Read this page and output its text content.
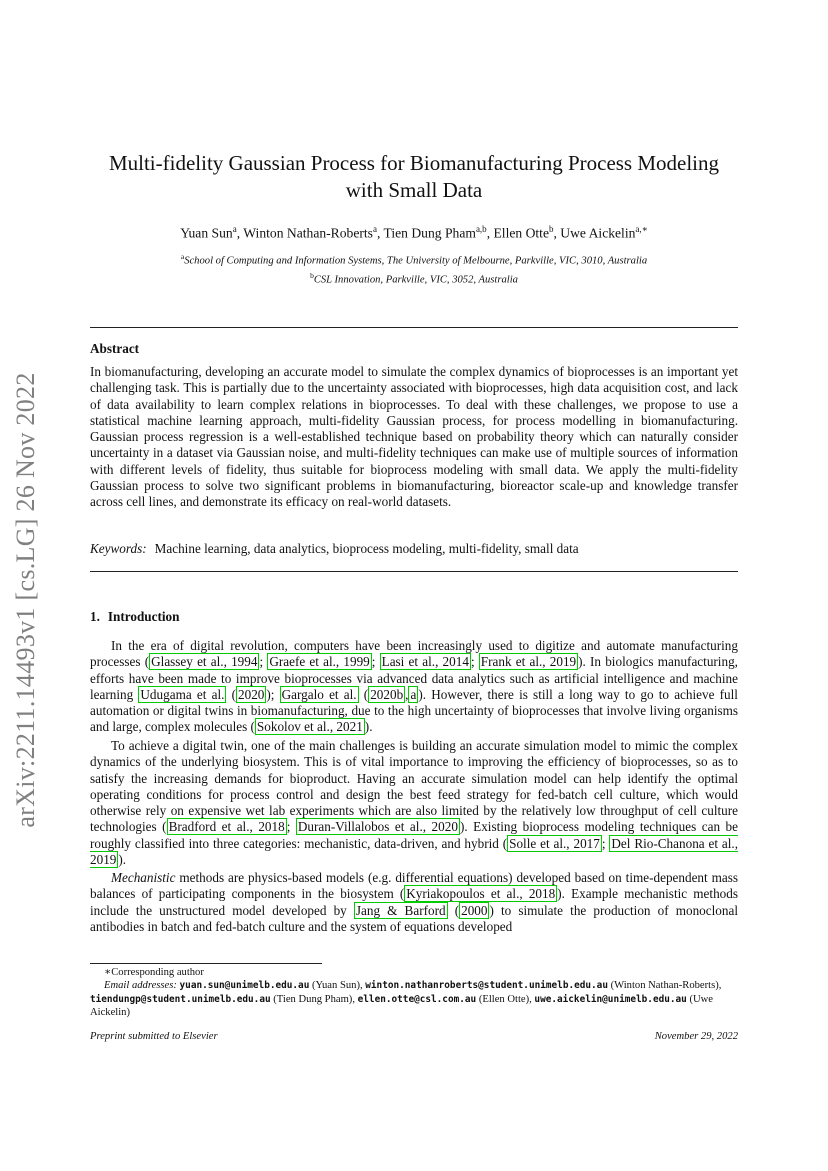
arXiv:2211.14493v1 [cs.LG] 26 Nov 2022
Multi-fidelity Gaussian Process for Biomanufacturing Process Modeling
with Small Data
Yuan Sun$^a$, Winton Nathan-Roberts$^a$, Tien Dung Pham$^{a,b}$, Ellen Otte$^b$, Uwe Aickelin$^{a,∗}$
$^a$School of Computing and Information Systems, The University of Melbourne, Parkville, VIC, 3010, Australia
$^b$CSL Innovation, Parkville, VIC, 3052, Australia
Abstract
In biomanufacturing, developing an accurate model to simulate the complex dynamics of bioprocesses is an important yet challenging task. This is partially due to the uncertainty associated with bioprocesses, high data acquisition cost, and lack of data availability to learn complex relations in bioprocesses. To deal with these challenges, we propose to use a statistical machine learning approach, multi-fidelity Gaussian process, for process modelling in biomanufacturing. Gaussian process regression is a well-established technique based on probability theory which can naturally consider uncertainty in a dataset via Gaussian noise, and multi-fidelity techniques can make use of multiple sources of information with different levels of fidelity, thus suitable for bioprocess modeling with small data. We apply the multi-fidelity Gaussian process to solve two significant problems in biomanufacturing, bioreactor scale-up and knowledge transfer across cell lines, and demonstrate its efficacy on real-world datasets.
Keywords: Machine learning, data analytics, bioprocess modeling, multi-fidelity, small data
1. Introduction
In the era of digital revolution, computers have been increasingly used to digitize and automate manufacturing processes ( Glassey et al., 1994 ; Graefe et al., 1999 ; Lasi et al., 2014 ; Frank et al., 2019 ). In biologics manufacturing, efforts have been made to improve bioprocesses via advanced data analytics such as artificial intelligence and machine learning Udugama et al. ( 2020 ); Gargalo et al. ( 2020b , a ). However, there is still a long way to go to achieve full automation or digital twins in biomanufacturing, due to the high uncertainty of bioprocesses that involve living organisms and large, complex molecules ( Sokolov et al., 2021 ).
To achieve a digital twin, one of the main challenges is building an accurate simulation model to mimic the complex dynamics of the underlying biosystem. This is of vital importance to improving the efficiency of bioprocesses, so as to satisfy the increasing demands for bioproduct. Having an accurate simulation model can help identify the optimal operating conditions for process control and design the best feed strategy for fed-batch cell culture, which would otherwise rely on expensive wet lab experiments which are also limited by the relatively low throughput of cell culture technologies ( Bradford et al., 2018 ; Duran-Villalobos et al., 2020 ). Existing bioprocess modeling techniques can be roughly classified into three categories: mechanistic, data-driven, and hybrid ( Solle et al., 2017 ; Del Rio-Chanona et al., 2019 ).
Mechanistic methods are physics-based models (e.g. differential equations) developed based on time-dependent mass balances of participating components in the biosystem ( Kyriakopoulos et al., 2018 ). Example mechanistic methods include the unstructured model developed by Jang & Barford ( 2000 ) to simulate the production of monoclonal antibodies in batch and fed-batch culture and the system of equations developed
∗Corresponding author
Email addresses: yuan.sun@unimelb.edu.au (Yuan Sun), winton.nathanroberts@student.unimelb.edu.au (Winton Nathan-Roberts), tiendungp@student.unimelb.edu.au (Tien Dung Pham), ellen.otte@csl.com.au (Ellen Otte), uwe.aickelin@unimelb.edu.au (Uwe Aickelin)
Preprint submitted to Elsevier	November 29, 2022
